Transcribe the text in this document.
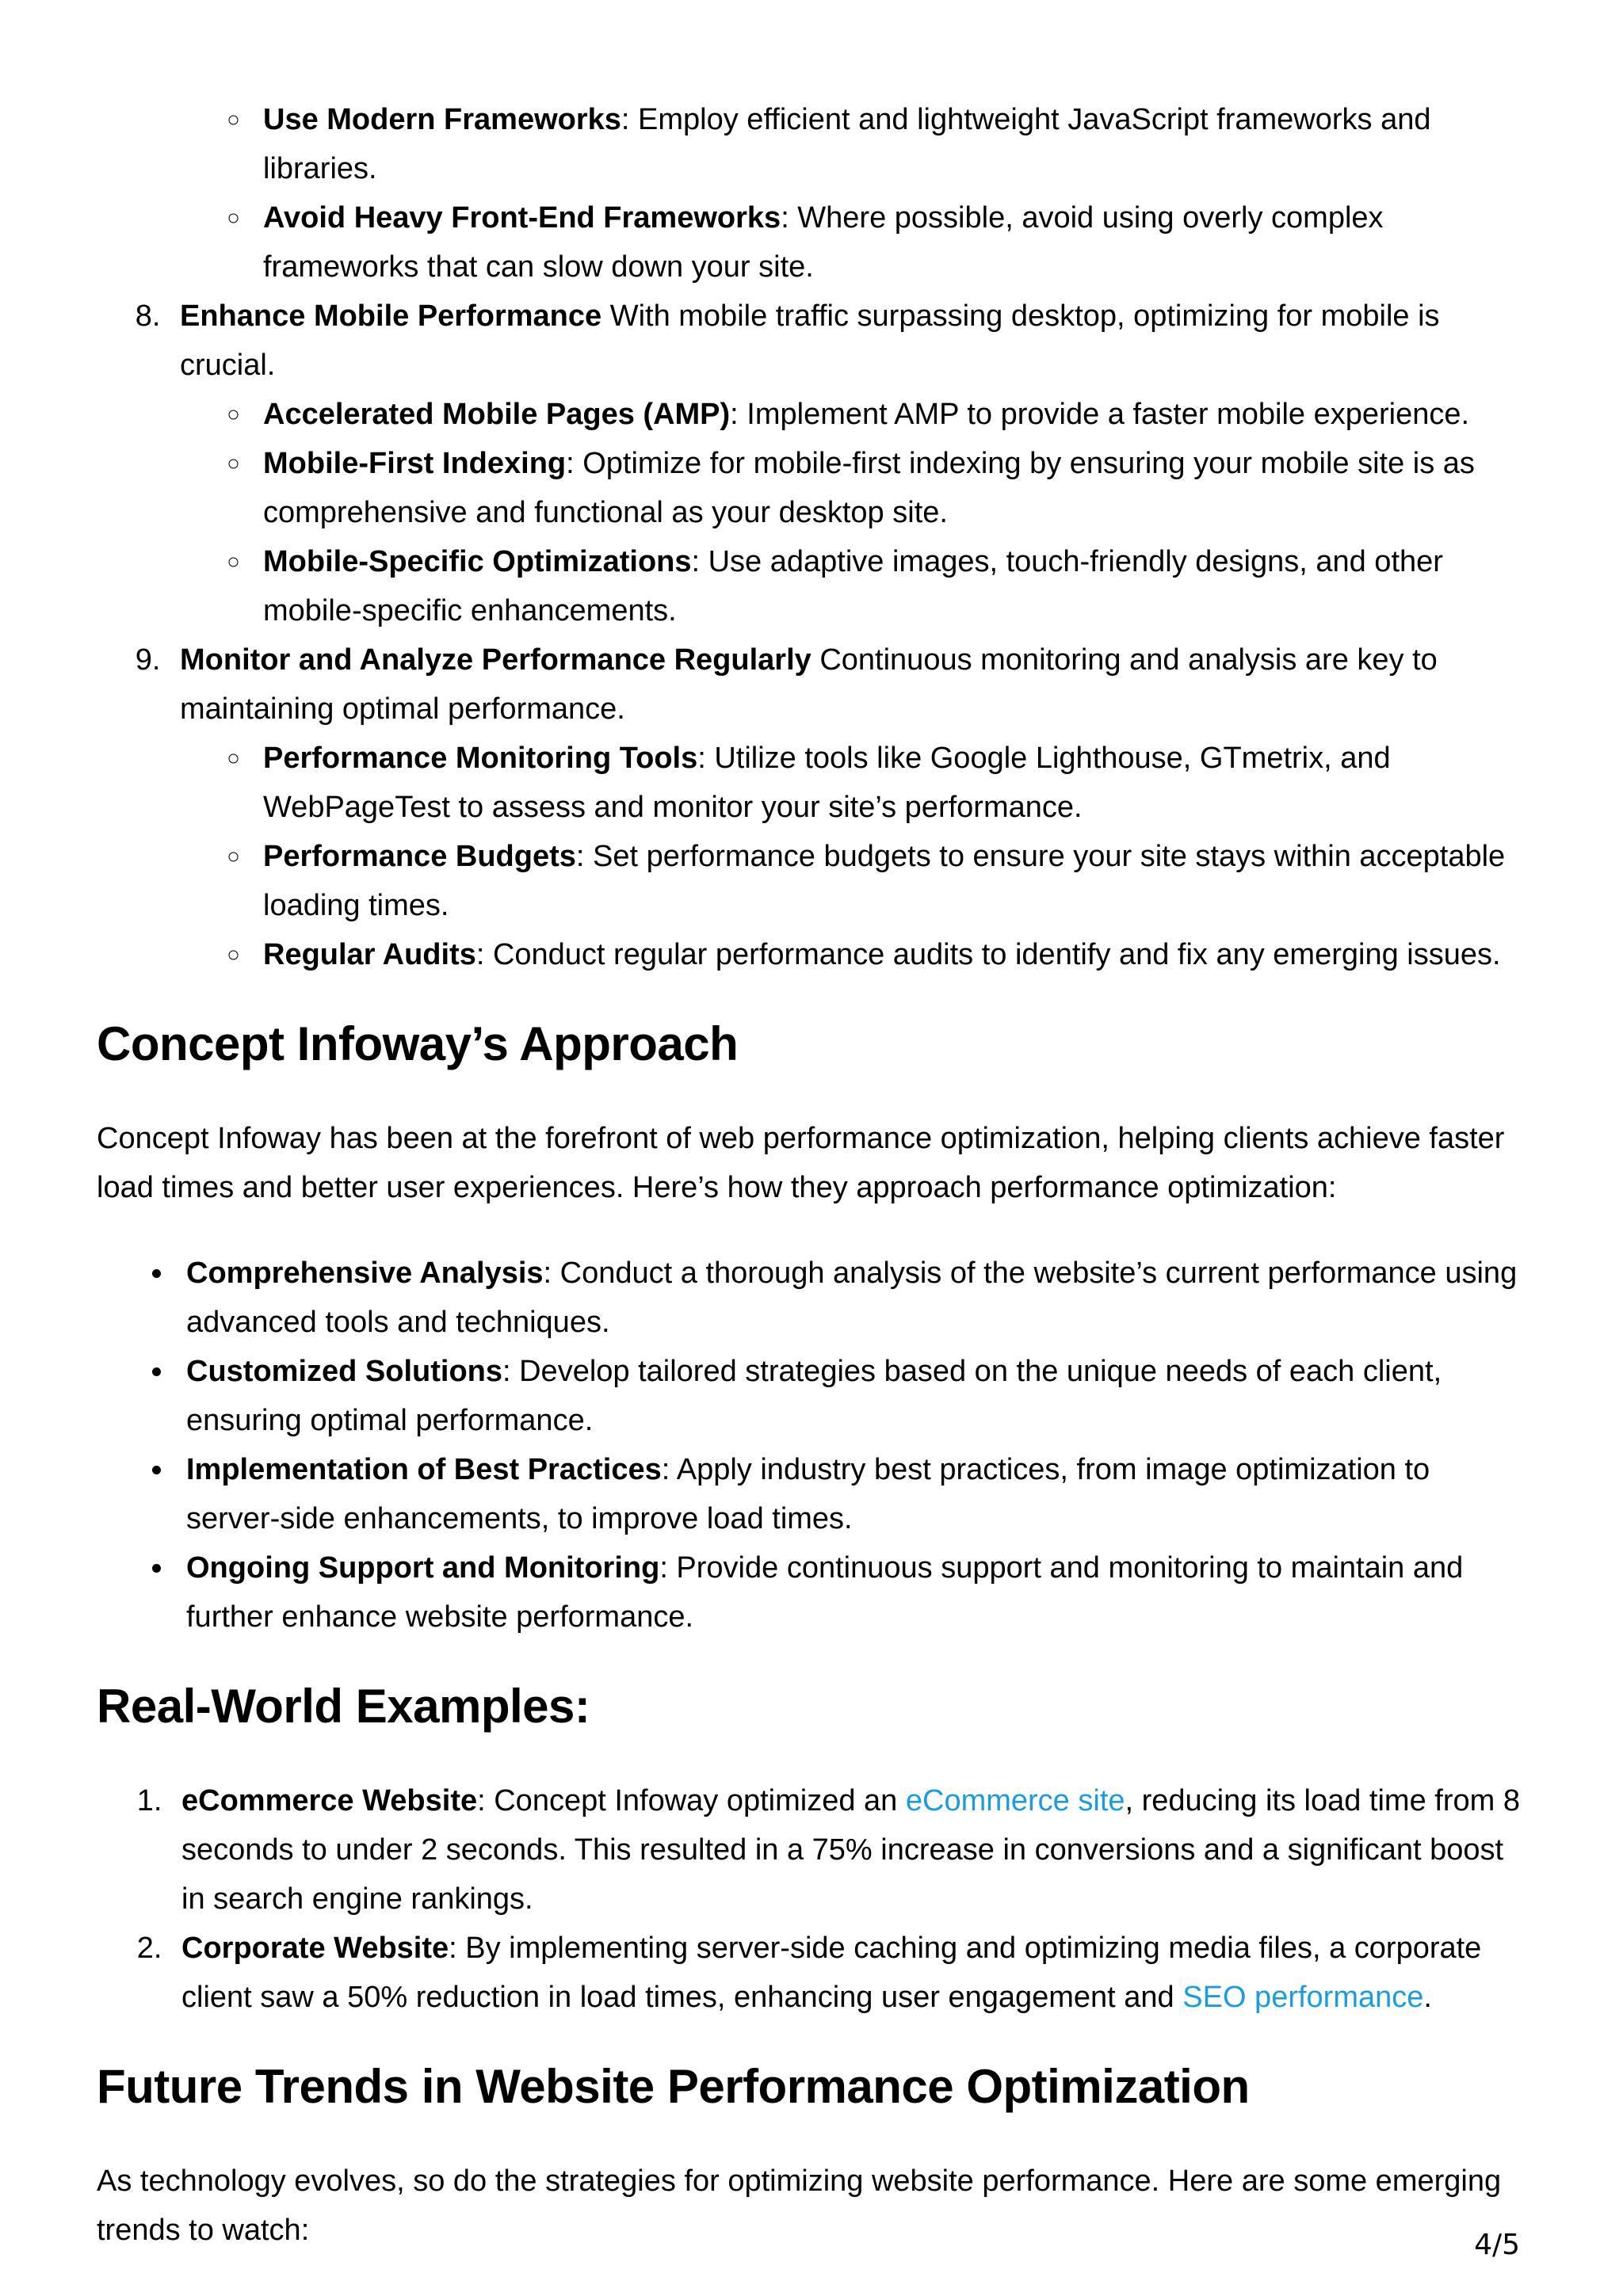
◦ Use Modern Frameworks: Employ efficient and lightweight JavaScript frameworks and libraries.
◦ Avoid Heavy Front-End Frameworks: Where possible, avoid using overly complex frameworks that can slow down your site.
8. Enhance Mobile Performance With mobile traffic surpassing desktop, optimizing for mobile is crucial.
◦ Accelerated Mobile Pages (AMP): Implement AMP to provide a faster mobile experience.
◦ Mobile-First Indexing: Optimize for mobile-first indexing by ensuring your mobile site is as comprehensive and functional as your desktop site.
◦ Mobile-Specific Optimizations: Use adaptive images, touch-friendly designs, and other mobile-specific enhancements.
9. Monitor and Analyze Performance Regularly Continuous monitoring and analysis are key to maintaining optimal performance.
◦ Performance Monitoring Tools: Utilize tools like Google Lighthouse, GTmetrix, and WebPageTest to assess and monitor your site’s performance.
◦ Performance Budgets: Set performance budgets to ensure your site stays within acceptable loading times.
◦ Regular Audits: Conduct regular performance audits to identify and fix any emerging issues.
Concept Infoway’s Approach

Concept Infoway has been at the forefront of web performance optimization, helping clients achieve faster load times and better user experiences. Here’s how they approach performance optimization:

• Comprehensive Analysis: Conduct a thorough analysis of the website’s current performance using advanced tools and techniques.
• Customized Solutions: Develop tailored strategies based on the unique needs of each client, ensuring optimal performance.
• Implementation of Best Practices: Apply industry best practices, from image optimization to server-side enhancements, to improve load times.
• Ongoing Support and Monitoring: Provide continuous support and monitoring to maintain and further enhance website performance.
Real-World Examples:
1. eCommerce Website: Concept Infoway optimized an eCommerce site, reducing its load time from 8 seconds to under 2 seconds. This resulted in a 75% increase in conversions and a significant boost in search engine rankings.
2. Corporate Website: By implementing server-side caching and optimizing media files, a corporate client saw a 50% reduction in load times, enhancing user engagement and SEO performance.
Future Trends in Website Performance Optimization

As technology evolves, so do the strategies for optimizing website performance. Here are some emerging trends to watch:	4/5
